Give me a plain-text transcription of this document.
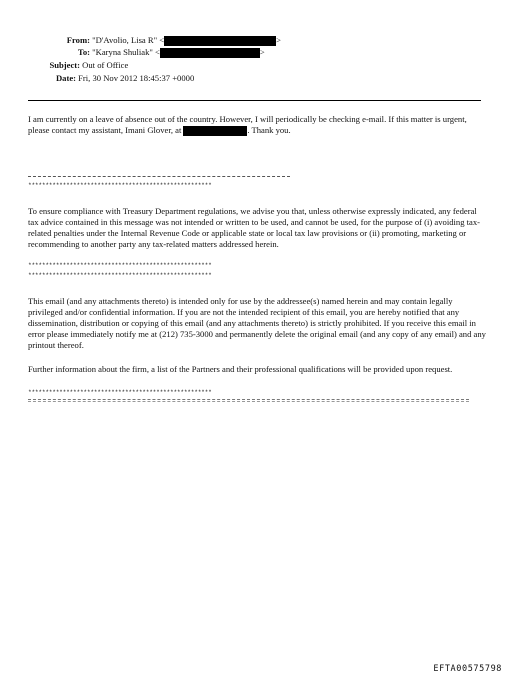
From: "D'Avolio, Lisa R" <	>
To: "Karyna Shuliak" <	>
Subject: Out of Office
Date: Fri, 30 Nov 2012 18:45:37 +0000

I am currently on a leave of absence out of the country. However, I will periodically be checking e-mail. If this matter is urgent, please contact my assistant, Imani Glover, at	. Thank you.

*****************************************************

To ensure compliance with Treasury Department regulations, we advise you that, unless otherwise expressly indicated, any federal tax advice contained in this message was not intended or written to be used, and cannot be used, for the purpose of (i) avoiding tax-related penalties under the Internal Revenue Code or applicable state or local tax law provisions or (ii) promoting, marketing or recommending to another party any tax-related matters addressed herein.

*****************************************************
*****************************************************

This email (and any attachments thereto) is intended only for use by the addressee(s) named herein and may contain legally privileged and/or confidential information. If you are not the intended recipient of this email, you are hereby notified that any dissemination, distribution or copying of this email (and any attachments thereto) is strictly prohibited. If you receive this email in error please immediately notify me at (212) 735-3000 and permanently delete the original email (and any copy of any email) and any printout thereof.

Further information about the firm, a list of the Partners and their professional qualifications will be provided upon request.

*****************************************************
EFTA00575798
